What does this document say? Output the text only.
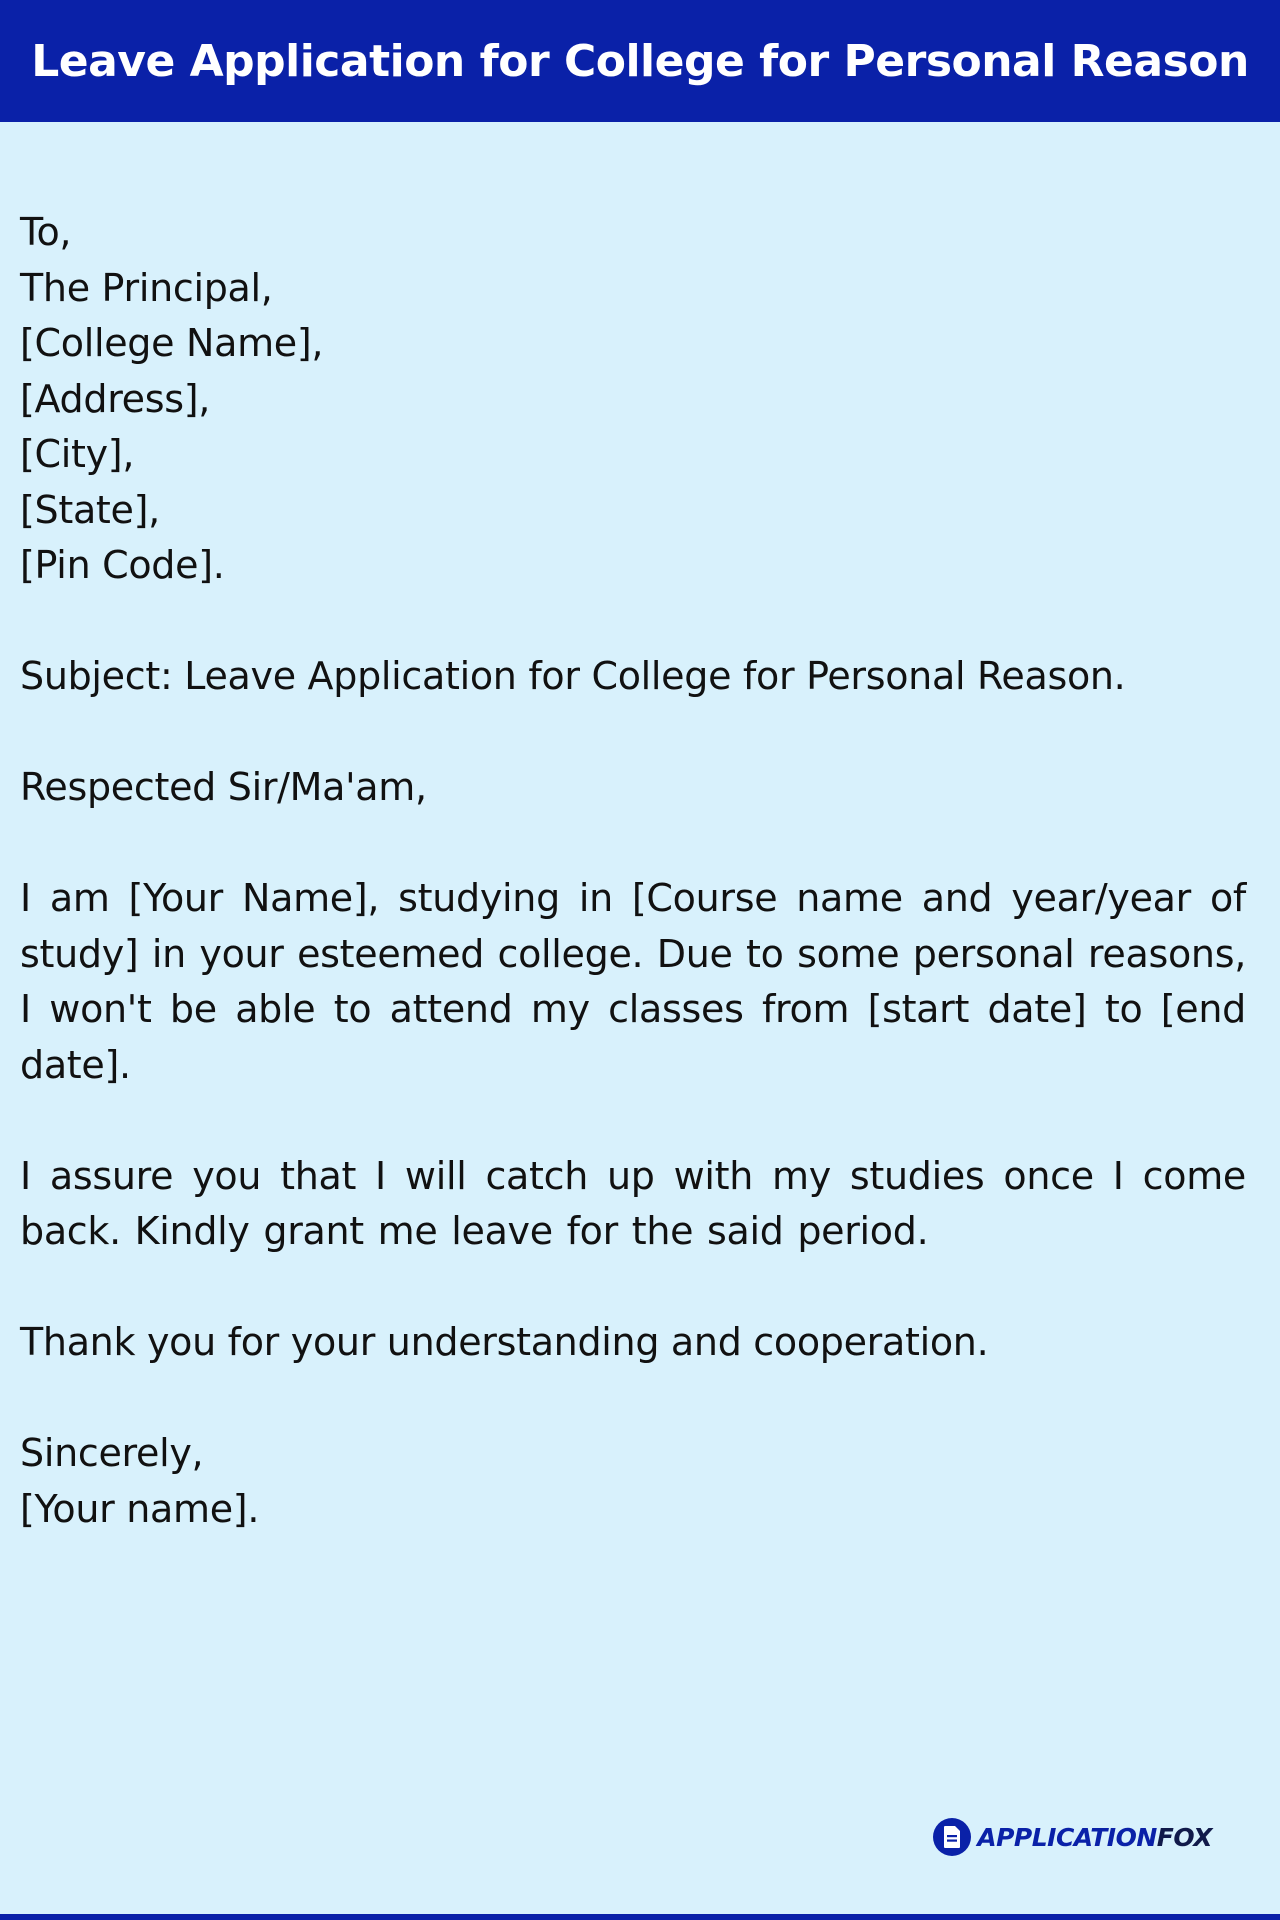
Leave Application for College for Personal Reason
To,
The Principal,
[College Name],
[Address],
[City],
[State],
[Pin Code].
Subject: Leave Application for College for Personal Reason.
Respected Sir/Ma'am,
I am [Your Name], studying in [Course name and year/year of study] in your esteemed college. Due to some personal reasons, I won't be able to attend my classes from [start date] to [end date].
I assure you that I will catch up with my studies once I come back. Kindly grant me leave for the said period.
Thank you for your understanding and cooperation.
Sincerely,
[Your name].
APPLICATIONFOX
